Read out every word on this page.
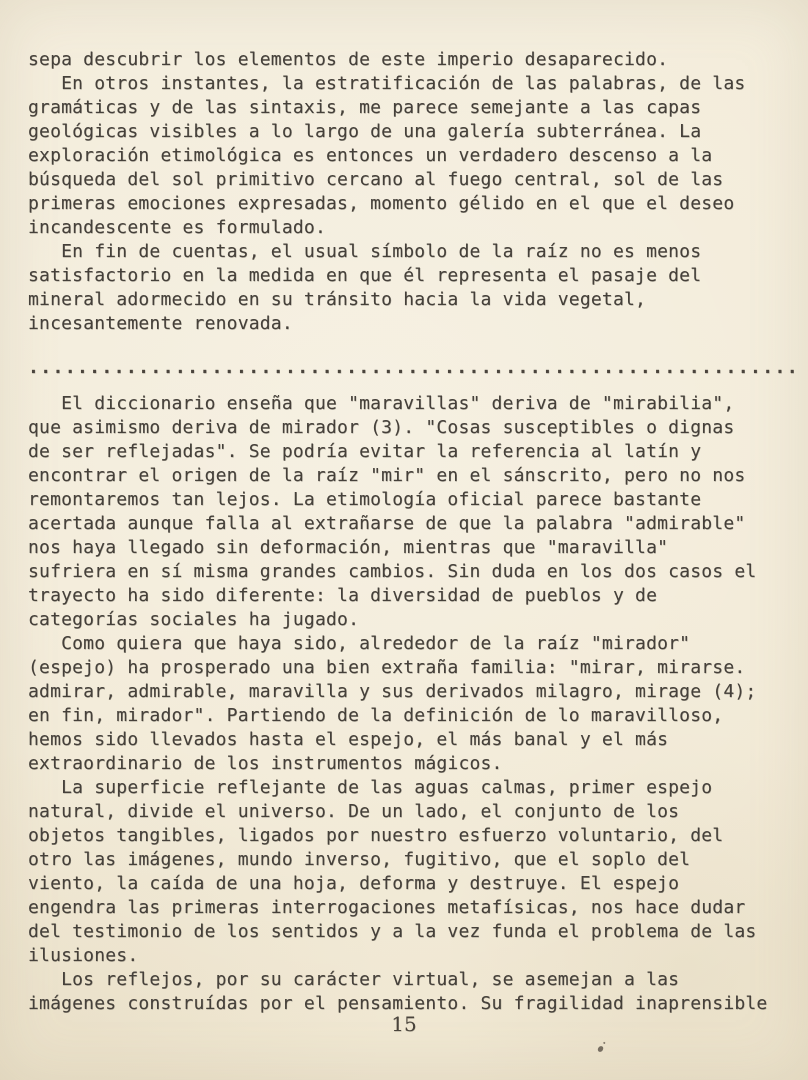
sepa descubrir los elementos de este imperio desaparecido.
En otros instantes, la estratificación de las palabras, de las
gramáticas y de las sintaxis, me parece semejante a las capas
geológicas visibles a lo largo de una galería subterránea. La
exploración etimológica es entonces un verdadero descenso a la
búsqueda del sol primitivo cercano al fuego central, sol de las
primeras emociones expresadas, momento gélido en el que el deseo
incandescente es formulado.
En fin de cuentas, el usual símbolo de la raíz no es menos
satisfactorio en la medida en que él representa el pasaje del
mineral adormecido en su tránsito hacia la vida vegetal,
incesantemente renovada.
...............................................................
El diccionario enseña que "maravillas" deriva de "mirabilia",
que asimismo deriva de mirador (3). "Cosas susceptibles o dignas
de ser reflejadas". Se podría evitar la referencia al latín y
encontrar el origen de la raíz "mir" en el sánscrito, pero no nos
remontaremos tan lejos. La etimología oficial parece bastante
acertada aunque falla al extrañarse de que la palabra "admirable"
nos haya llegado sin deformación, mientras que "maravilla"
sufriera en sí misma grandes cambios. Sin duda en los dos casos el
trayecto ha sido diferente: la diversidad de pueblos y de
categorías sociales ha jugado.
Como quiera que haya sido, alrededor de la raíz "mirador"
(espejo) ha prosperado una bien extraña familia: "mirar, mirarse.
admirar, admirable, maravilla y sus derivados milagro, mirage (4);
en fin, mirador". Partiendo de la definición de lo maravilloso,
hemos sido llevados hasta el espejo, el más banal y el más
extraordinario de los instrumentos mágicos.
La superficie reflejante de las aguas calmas, primer espejo
natural, divide el universo. De un lado, el conjunto de los
objetos tangibles, ligados por nuestro esfuerzo voluntario, del
otro las imágenes, mundo inverso, fugitivo, que el soplo del
viento, la caída de una hoja, deforma y destruye. El espejo
engendra las primeras interrogaciones metafísicas, nos hace dudar
del testimonio de los sentidos y a la vez funda el problema de las
ilusiones.
Los reflejos, por su carácter virtual, se asemejan a las
imágenes construídas por el pensamiento. Su fragilidad inaprensible
15
